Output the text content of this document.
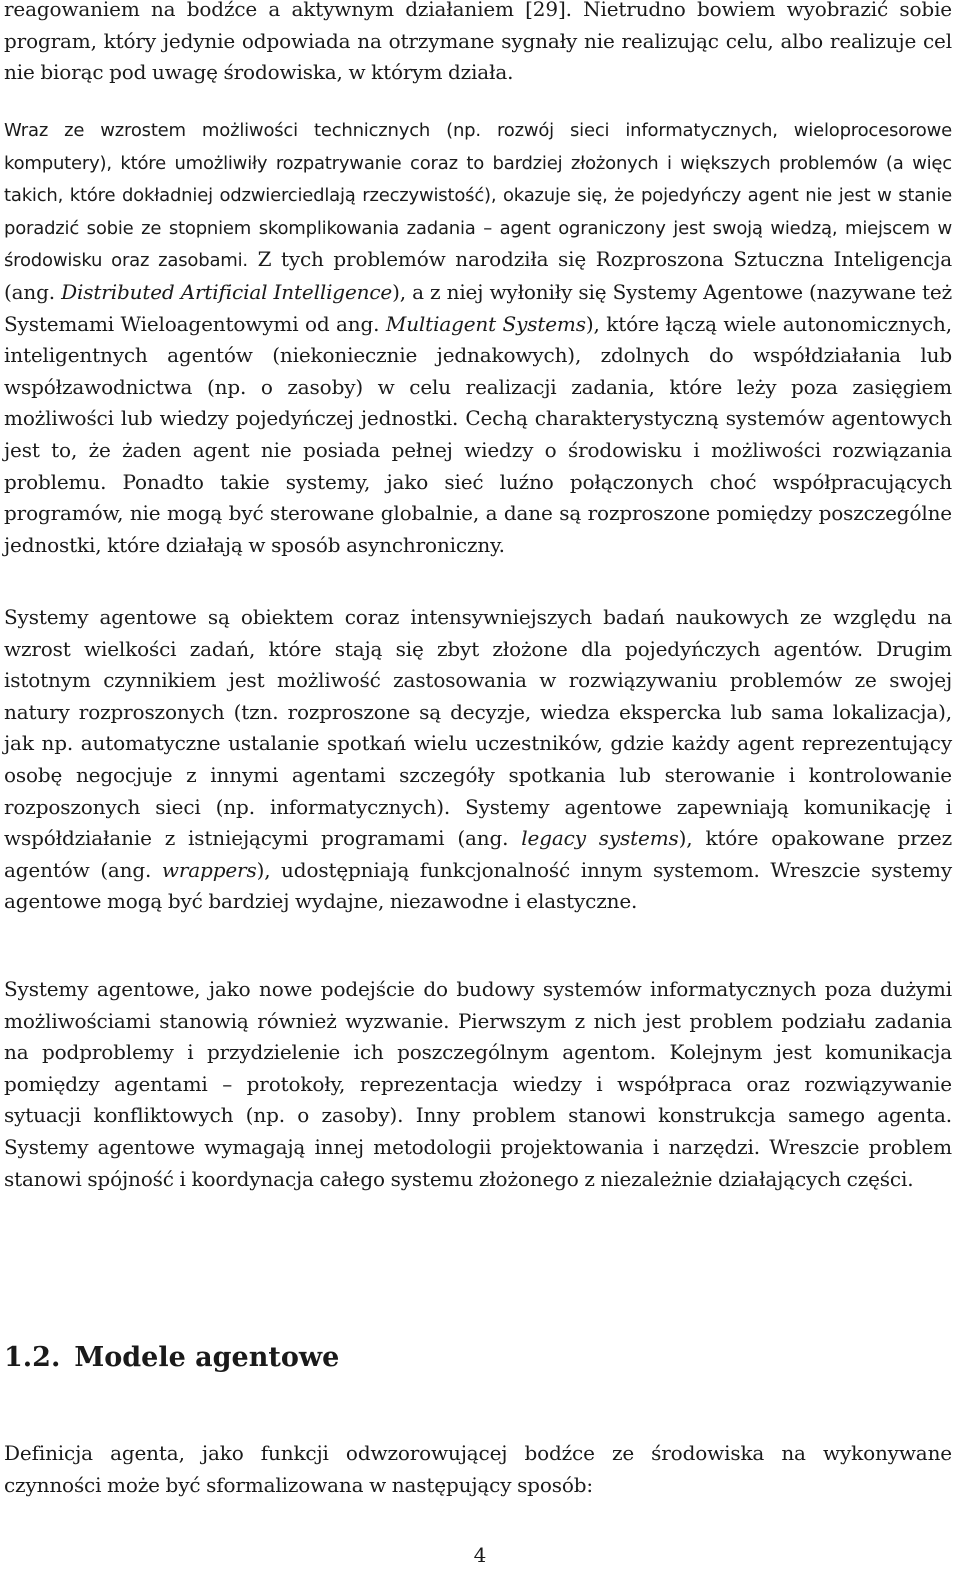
reagowaniem na bodźce a aktywnym działaniem [29]. Nietrudno bowiem wyobrazić sobie program, który jedynie odpowiada na otrzymane sygnały nie realizując celu, albo realizuje cel nie biorąc pod uwagę środowiska, w którym działa.

Wraz ze wzrostem możliwości technicznych (np. rozwój sieci informatycznych, wieloprocesorowe komputery), które umożliwiły rozpatrywanie coraz to bardziej złożonych i większych problemów (a więc takich, które dokładniej odzwierciedlają rzeczywistość), okazuje się, że pojedyńczy agent nie jest w stanie poradzić sobie ze stopniem skomplikowania zadania – agent ograniczony jest swoją wiedzą, miejscem w środowisku oraz zasobami. Z tych problemów narodziła się Rozproszona Sztuczna Inteligencja (ang. Distributed Artificial Intelligence), a z niej wyłoniły się Systemy Agentowe (nazywane też Systemami Wieloagentowymi od ang. Multiagent Systems), które łączą wiele autonomicznych, inteligentnych agentów (niekoniecznie jednakowych), zdolnych do współdziałania lub współzawodnictwa (np. o zasoby) w celu realizacji zadania, które leży poza zasięgiem możliwości lub wiedzy pojedyńczej jednostki. Cechą charakterystyczną systemów agentowych jest to, że żaden agent nie posiada pełnej wiedzy o środowisku i możliwości rozwiązania problemu. Ponadto takie systemy, jako sieć luźno połączonych choć współpracujących programów, nie mogą być sterowane globalnie, a dane są rozproszone pomiędzy poszczególne jednostki, które działają w sposób asynchroniczny.

Systemy agentowe są obiektem coraz intensywniejszych badań naukowych ze względu na wzrost wielkości zadań, które stają się zbyt złożone dla pojedyńczych agentów. Drugim istotnym czynnikiem jest możliwość zastosowania w rozwiązywaniu problemów ze swojej natury rozproszonych (tzn. rozproszone są decyzje, wiedza ekspercka lub sama lokalizacja), jak np. automatyczne ustalanie spotkań wielu uczestników, gdzie każdy agent reprezentujący osobę negocjuje z innymi agentami szczegóły spotkania lub sterowanie i kontrolowanie rozposzonych sieci (np. informatycznych). Systemy agentowe zapewniają komunikację i współdziałanie z istniejącymi programami (ang. legacy systems), które opakowane przez agentów (ang. wrappers), udostępniają funkcjonalność innym systemom. Wreszcie systemy agentowe mogą być bardziej wydajne, niezawodne i elastyczne.

Systemy agentowe, jako nowe podejście do budowy systemów informatycznych poza dużymi możliwościami stanowią również wyzwanie. Pierwszym z nich jest problem podziału zadania na podproblemy i przydzielenie ich poszczególnym agentom. Kolejnym jest komunikacja pomiędzy agentami – protokoły, reprezentacja wiedzy i współpraca oraz rozwiązywanie sytuacji konfliktowych (np. o zasoby). Inny problem stanowi konstrukcja samego agenta. Systemy agentowe wymagają innej metodologii projektowania i narzędzi. Wreszcie problem stanowi spójność i koordynacja całego systemu złożonego z niezależnie działających części.

1.2. Modele agentowe

Definicja agenta, jako funkcji odwzorowującej bodźce ze środowiska na wykonywane czynności może być sformalizowana w następujący sposób:

4
